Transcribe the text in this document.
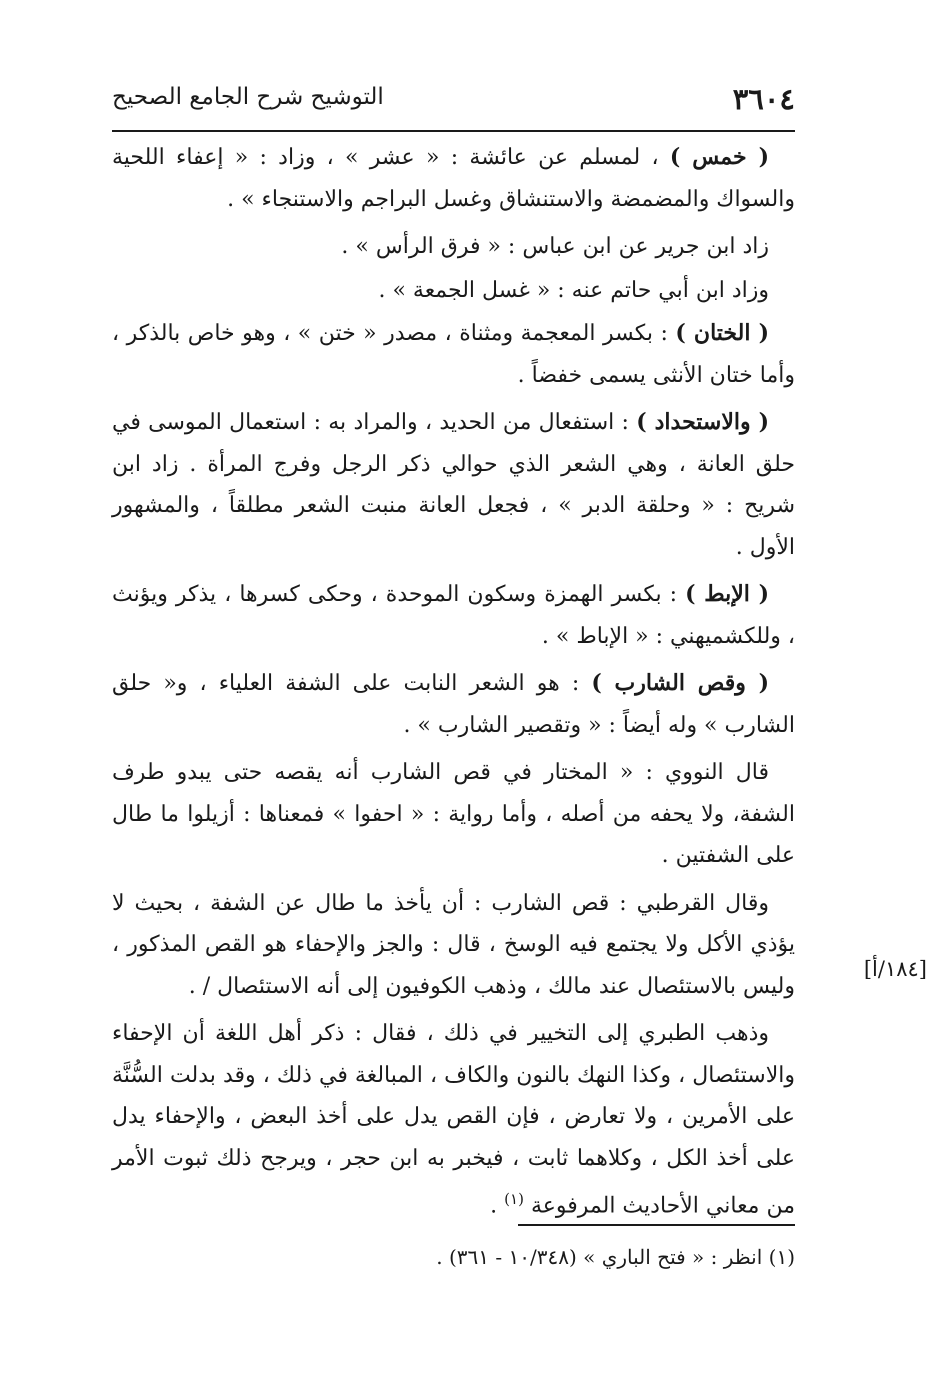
٣٦٠٤
التوشيح شرح الجامع الصحيح

( خمس ) ، لمسلم عن عائشة : « عشر » ، وزاد : « إعفاء اللحية والسواك والمضمضة والاستنشاق وغسل البراجم والاستنجاء » .

زاد ابن جرير عن ابن عباس : « فرق الرأس » .

وزاد ابن أبي حاتم عنه : « غسل الجمعة » .

( الختان ) : بكسر المعجمة ومثناة ، مصدر « ختن » ، وهو خاص بالذكر ، وأما ختان الأنثى يسمى خفضاً .

( والاستحداد ) : استفعال من الحديد ، والمراد به : استعمال الموسى في حلق العانة ، وهي الشعر الذي حوالي ذكر الرجل وفرج المرأة . زاد ابن شريح : « وحلقة الدبر » ، فجعل العانة منبت الشعر مطلقاً ، والمشهور الأول .

( الإبط ) : بكسر الهمزة وسكون الموحدة ، وحكى كسرها ، يذكر ويؤنث ، وللكشميهني : « الإباط » .

( وقص الشارب ) : هو الشعر النابت على الشفة العلياء ، و« حلق الشارب » وله أيضاً : « وتقصير الشارب » .

قال النووي : « المختار في قص الشارب أنه يقصه حتى يبدو طرف الشفة، ولا يحفه من أصله ، وأما رواية : « احفوا » فمعناها : أزيلوا ما طال على الشفتين .

وقال القرطبي : قص الشارب : أن يأخذ ما طال عن الشفة ، بحيث لا يؤذي الأكل ولا يجتمع فيه الوسخ ، قال : والجز والإحفاء هو القص المذكور ، وليس بالاستئصال عند مالك ، وذهب الكوفيون إلى أنه الاستئصال / .

وذهب الطبري إلى التخيير في ذلك ، فقال : ذكر أهل اللغة أن الإحفاء والاستئصال ، وكذا النهك بالنون والكاف ، المبالغة في ذلك ، وقد بدلت السُّنَّة على الأمرين ، ولا تعارض ، فإن القص يدل على أخذ البعض ، والإحفاء يدل على أخذ الكل ، وكلاهما ثابت ، فيخبر به ابن حجر ، ويرجح ذلك ثبوت الأمر من معاني الأحاديث المرفوعة $^{(١)}$ .

[١٨٤/أ]
(١) انظر : « فتح الباري » (١٠/٣٤٨ - ٣٦١) .
